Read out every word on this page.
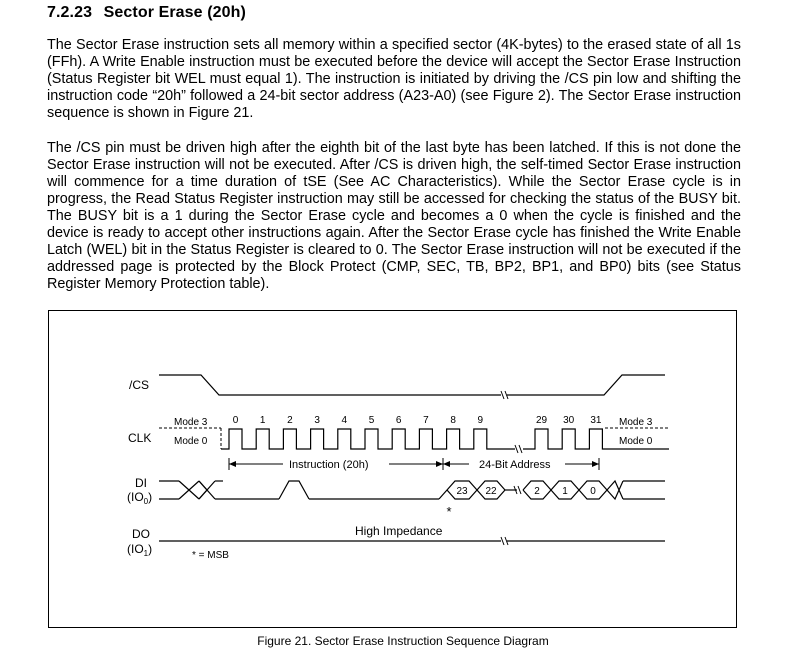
7.2.23 Sector Erase (20h)

The Sector Erase instruction sets all memory within a specified sector (4K-bytes) to the erased state of all 1s (FFh). A Write Enable instruction must be executed before the device will accept the Sector Erase Instruction (Status Register bit WEL must equal 1). The instruction is initiated by driving the /CS pin low and shifting the instruction code “20h” followed a 24-bit sector address (A23-A0) (see Figure 2). The Sector Erase instruction sequence is shown in Figure 21.

The /CS pin must be driven high after the eighth bit of the last byte has been latched. If this is not done the Sector Erase instruction will not be executed. After /CS is driven high, the self-timed Sector Erase instruction will commence for a time duration of tSE (See AC Characteristics). While the Sector Erase cycle is in progress, the Read Status Register instruction may still be accessed for checking the status of the BUSY bit. The BUSY bit is a 1 during the Sector Erase cycle and becomes a 0 when the cycle is finished and the device is ready to accept other instructions again. After the Sector Erase cycle has finished the Write Enable Latch (WEL) bit in the Status Register is cleared to 0. The Sector Erase instruction will not be executed if the addressed page is protected by the Block Protect (CMP, SEC, TB, BP2, BP1, and BP0) bits (see Status Register Memory Protection table).

/CS
CLK
DI
$(IO_0)$
DO
$(IO_1)$
Mode 3
Mode 0
Mode 3
Mode 0
0 1 2 3 4 5 6 7 8 9	29 30 31
Instruction (20h)	24-Bit Address
23 22	2 1 0
*
High Impedance
* = MSB
Figure 21. Sector Erase Instruction Sequence Diagram
